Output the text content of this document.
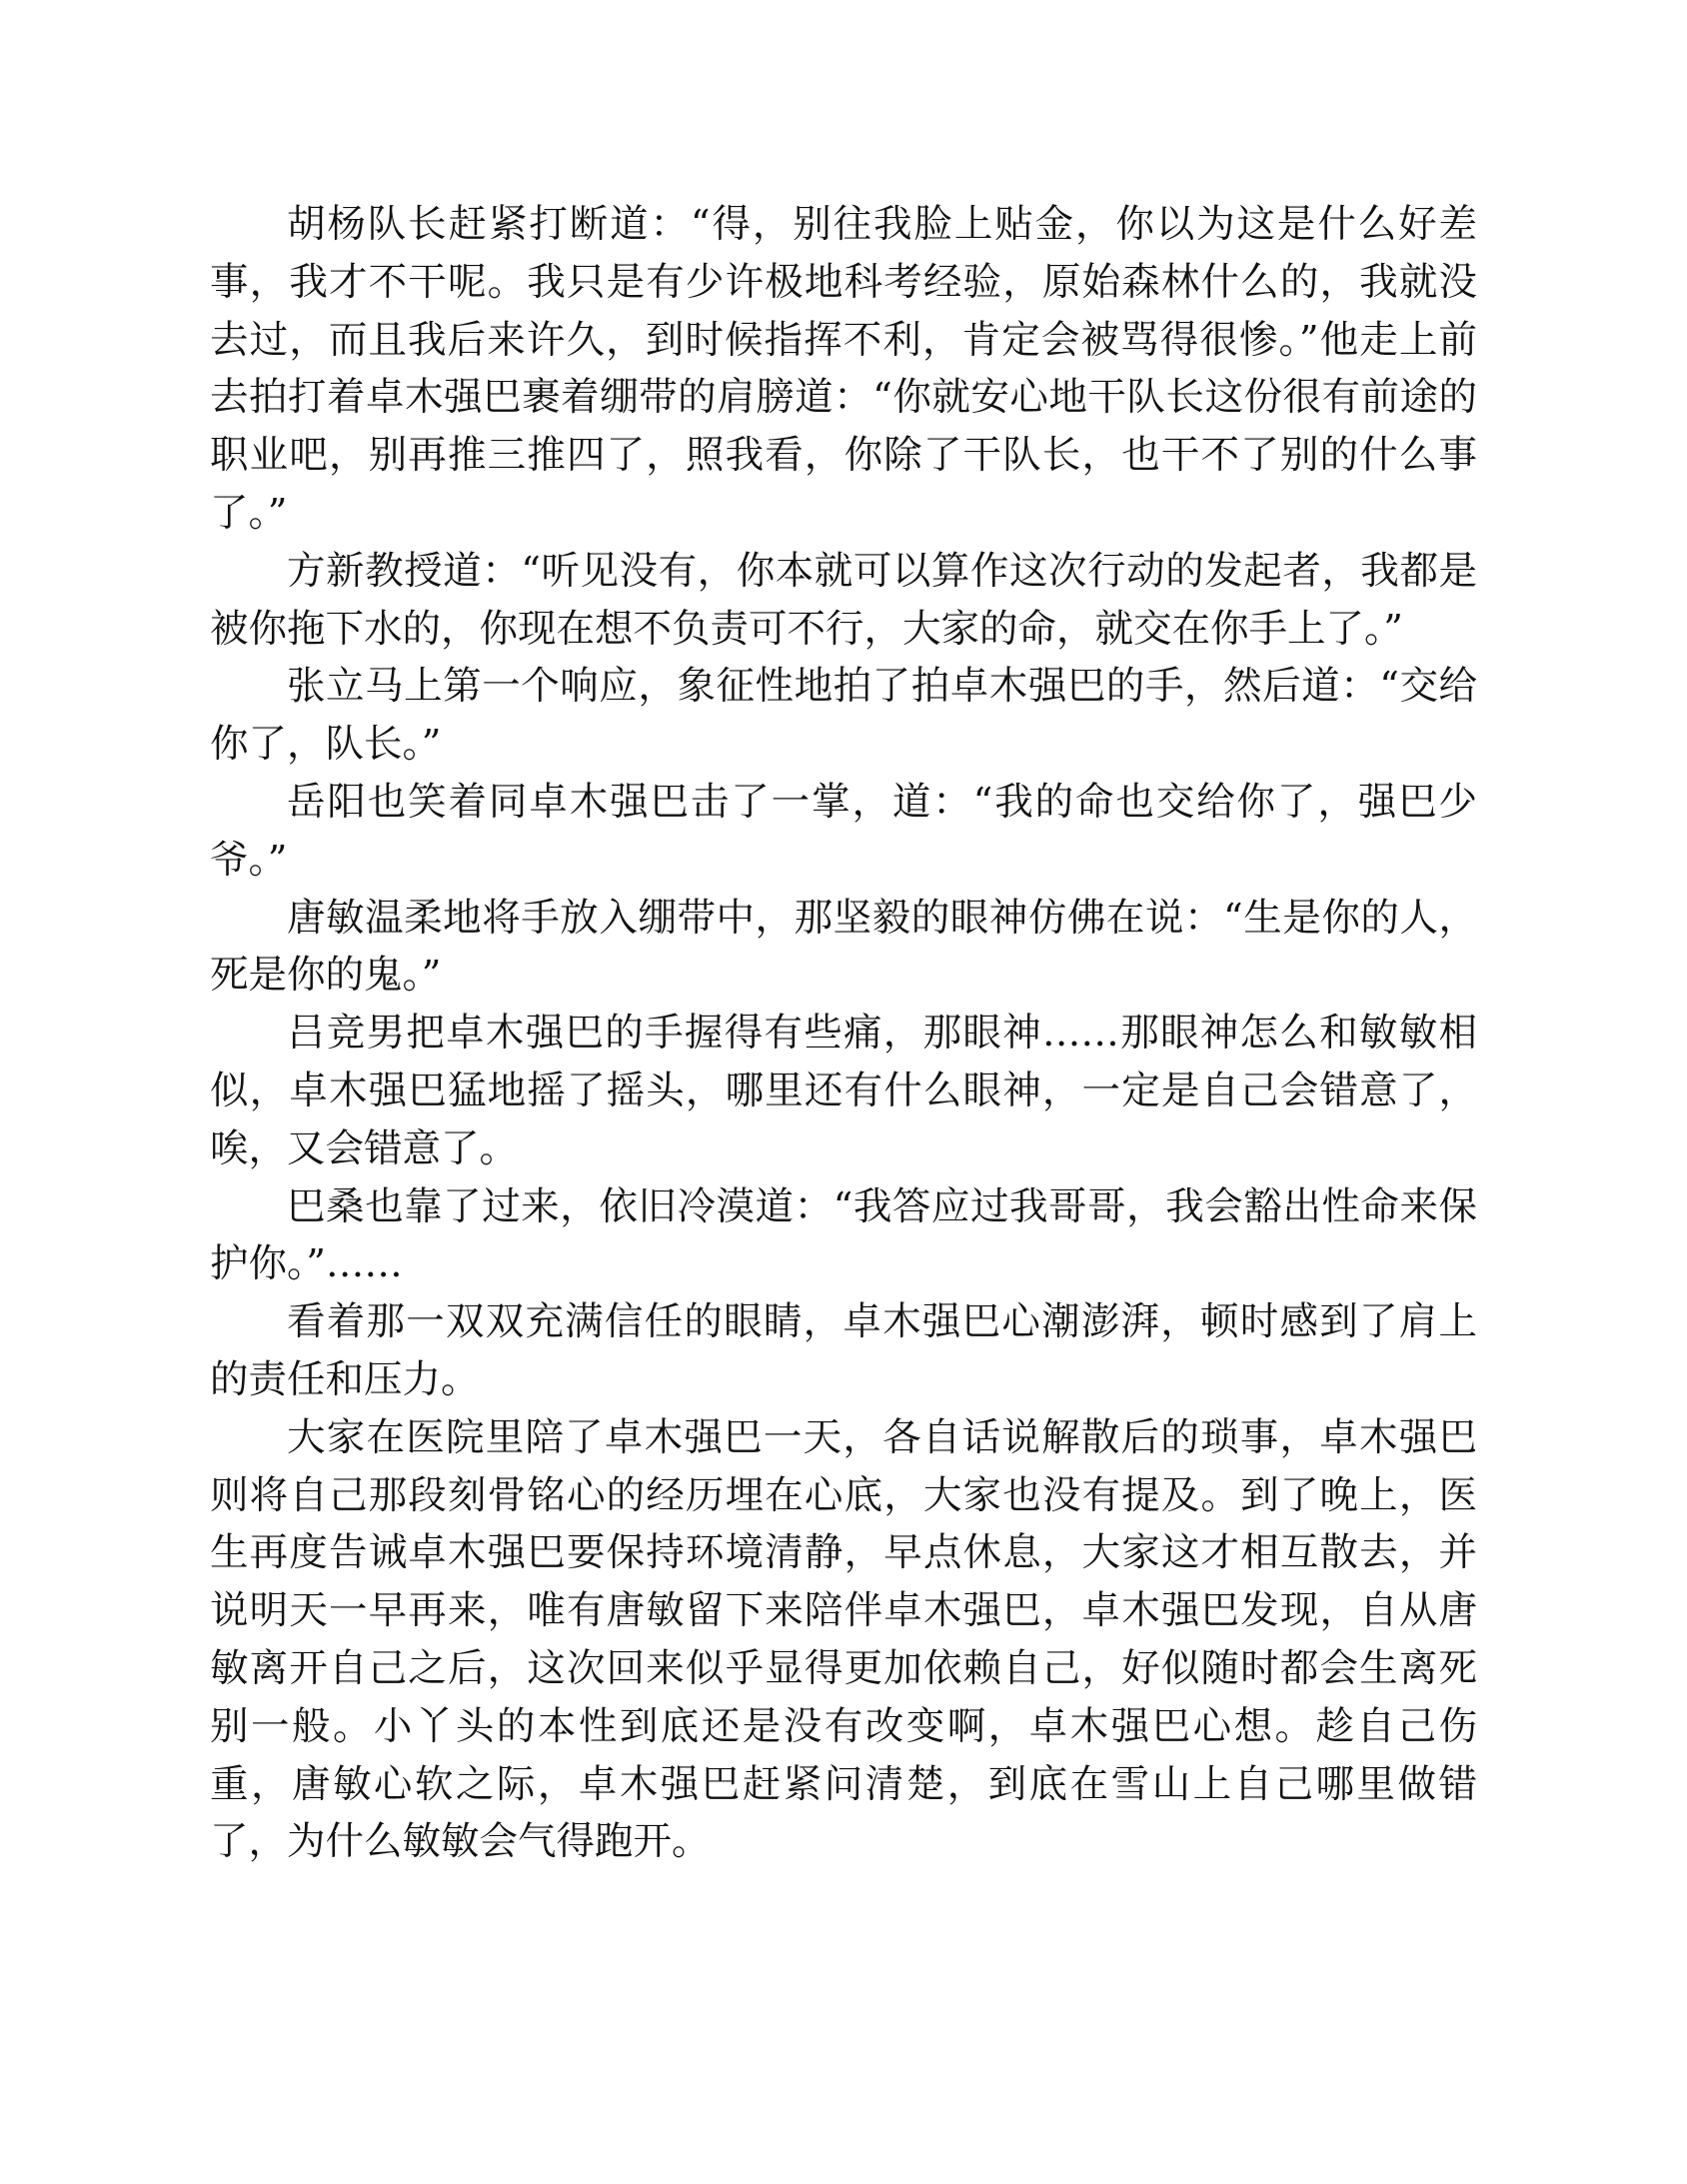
胡杨队长赶紧打断道：“得，别往我脸上贴金，你以为这是什么好差事，我才不干呢。我只是有少许极地科考经验，原始森林什么的，我就没去过，而且我后来许久，到时候指挥不利，肯定会被骂得很惨。”他走上前去拍打着卓木强巴裹着绷带的肩膀道：“你就安心地干队长这份很有前途的职业吧，别再推三推四了，照我看，你除了干队长，也干不了别的什么事了。”

方新教授道：“听见没有，你本就可以算作这次行动的发起者，我都是被你拖下水的，你现在想不负责可不行，大家的命，就交在你手上了。”

张立马上第一个响应，象征性地拍了拍卓木强巴的手，然后道：“交给你了，队长。”

岳阳也笑着同卓木强巴击了一掌，道：“我的命也交给你了，强巴少爷。”

唐敏温柔地将手放入绷带中，那坚毅的眼神仿佛在说：“生是你的人，死是你的鬼。”

吕竞男把卓木强巴的手握得有些痛，那眼神……那眼神怎么和敏敏相似，卓木强巴猛地摇了摇头，哪里还有什么眼神，一定是自己会错意了，唉，又会错意了。

巴桑也靠了过来，依旧冷漠道：“我答应过我哥哥，我会豁出性命来保护你。”……

看着那一双双充满信任的眼睛，卓木强巴心潮澎湃，顿时感到了肩上的责任和压力。

大家在医院里陪了卓木强巴一天，各自话说解散后的琐事，卓木强巴则将自己那段刻骨铭心的经历埋在心底，大家也没有提及。到了晚上，医生再度告诫卓木强巴要保持环境清静，早点休息，大家这才相互散去，并说明天一早再来，唯有唐敏留下来陪伴卓木强巴，卓木强巴发现，自从唐敏离开自己之后，这次回来似乎显得更加依赖自己，好似随时都会生离死别一般。小丫头的本性到底还是没有改变啊，卓木强巴心想。趁自己伤重，唐敏心软之际，卓木强巴赶紧问清楚，到底在雪山上自己哪里做错了，为什么敏敏会气得跑开。
